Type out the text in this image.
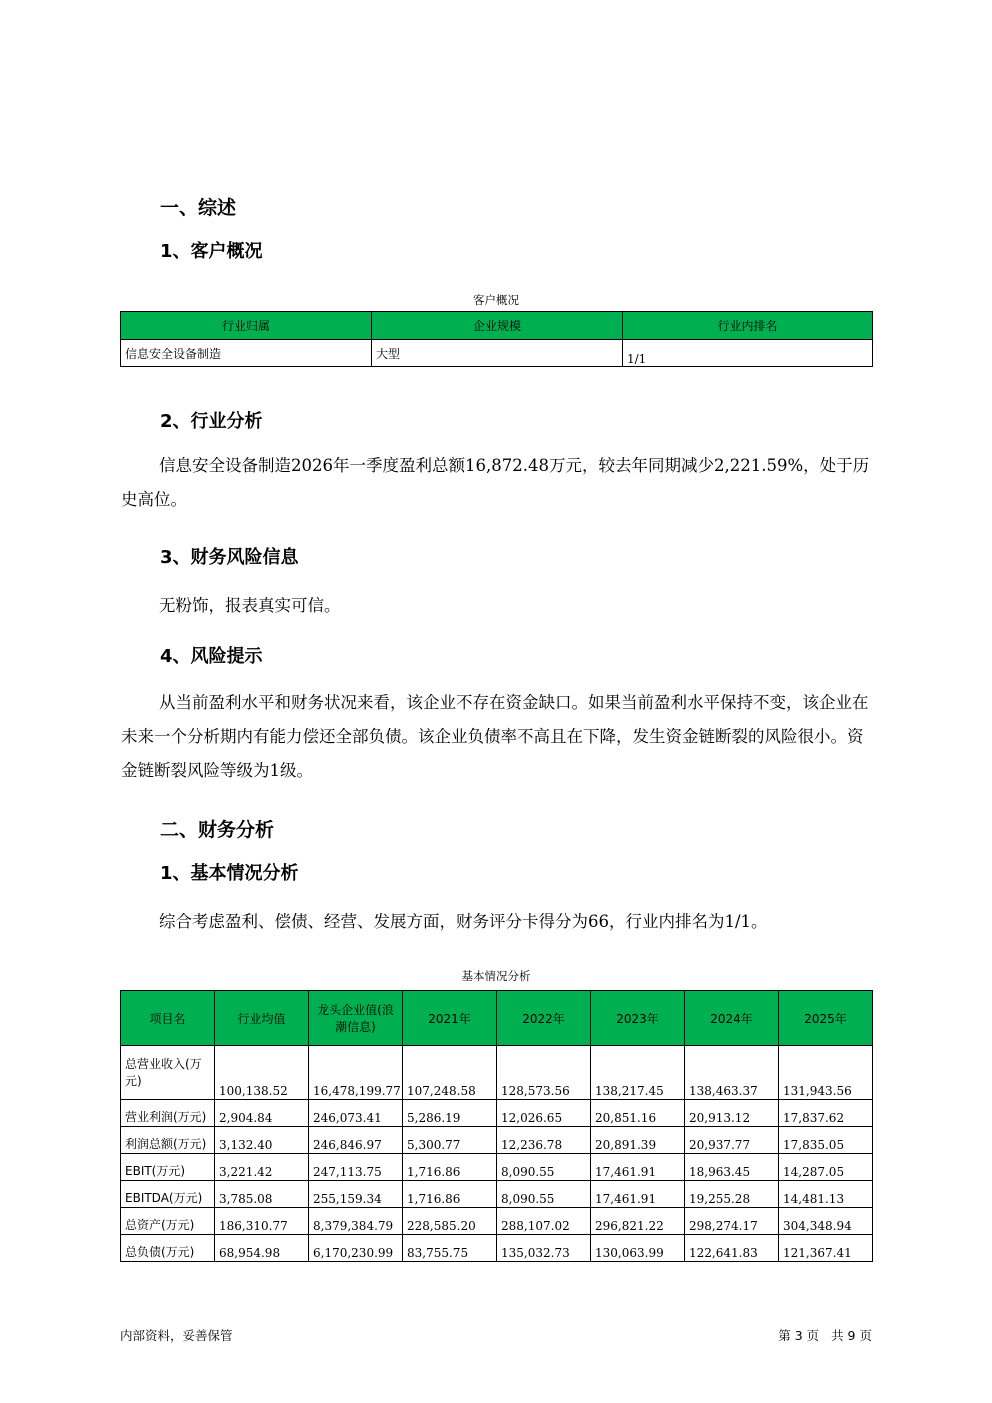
一、综述
1、客户概况
客户概况
行业归属	企业规模	行业内排名
信息安全设备制造	大型	1/1
2、行业分析

信息安全设备制造2026年一季度盈利总额16,872.48万元，较去年同期减少2,221.59%，处于历史高位。

3、财务风险信息

无粉饰，报表真实可信。

4、风险提示

从当前盈利水平和财务状况来看，该企业不存在资金缺口。如果当前盈利水平保持不变，该企业在未来一个分析期内有能力偿还全部负债。该企业负债率不高且在下降，发生资金链断裂的风险很小。资金链断裂风险等级为1级。

二、财务分析
1、基本情况分析

综合考虑盈利、偿债、经营、发展方面，财务评分卡得分为66，行业内排名为1/1。

基本情况分析
项目名	行业均值	龙头企业值(浪潮信息)	2021年	2022年	2023年	2024年	2025年
总营业收入(万元)	100,138.52	16,478,199.77	107,248.58	128,573.56	138,217.45	138,463.37	131,943.56
营业利润(万元)	2,904.84	246,073.41	5,286.19	12,026.65	20,851.16	20,913.12	17,837.62
利润总额(万元)	3,132.40	246,846.97	5,300.77	12,236.78	20,891.39	20,937.77	17,835.05
EBIT(万元)	3,221.42	247,113.75	1,716.86	8,090.55	17,461.91	18,963.45	14,287.05
EBITDA(万元)	3,785.08	255,159.34	1,716.86	8,090.55	17,461.91	19,255.28	14,481.13
总资产(万元)	186,310.77	8,379,384.79	228,585.20	288,107.02	296,821.22	298,274.17	304,348.94
总负债(万元)	68,954.98	6,170,230.99	83,755.75	135,032.73	130,063.99	122,641.83	121,367.41
内部资料，妥善保管	第 3 页   共 9 页
